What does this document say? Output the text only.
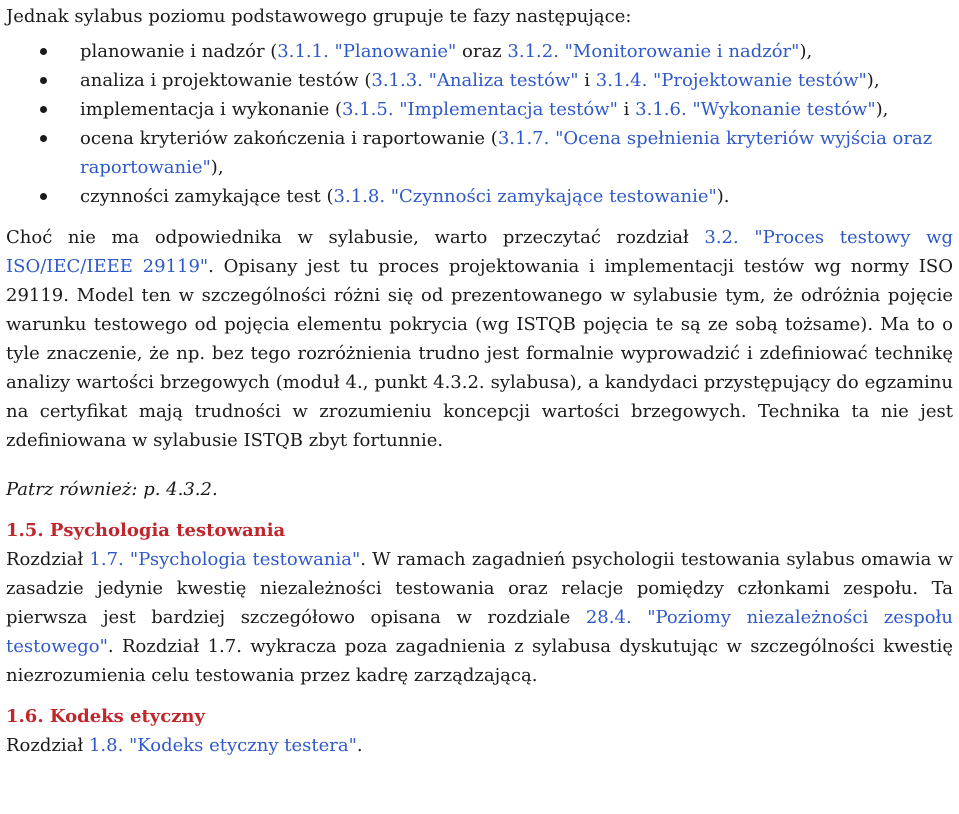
Jednak sylabus poziomu podstawowego grupuje te fazy następujące:

planowanie i nadzór (3.1.1. "Planowanie" oraz 3.1.2. "Monitorowanie i nadzór"),
analiza i projektowanie testów (3.1.3. "Analiza testów" i 3.1.4. "Projektowanie testów"),
implementacja i wykonanie (3.1.5. "Implementacja testów" i 3.1.6. "Wykonanie testów"),
ocena kryteriów zakończenia i raportowanie (3.1.7. "Ocena spełnienia kryteriów wyjścia oraz raportowanie"),
czynności zamykające test (3.1.8. "Czynności zamykające testowanie").

Choć nie ma odpowiednika w sylabusie, warto przeczytać rozdział 3.2. "Proces testowy wg ISO/IEC/IEEE 29119". Opisany jest tu proces projektowania i implementacji testów wg normy ISO 29119. Model ten w szczególności różni się od prezentowanego w sylabusie tym, że odróżnia pojęcie warunku testowego od pojęcia elementu pokrycia (wg ISTQB pojęcia te są ze sobą tożsame). Ma to o tyle znaczenie, że np. bez tego rozróżnienia trudno jest formalnie wyprowadzić i zdefiniować technikę analizy wartości brzegowych (moduł 4., punkt 4.3.2. sylabusa), a kandydaci przystępujący do egzaminu na certyfikat mają trudności w zrozumieniu koncepcji wartości brzegowych. Technika ta nie jest zdefiniowana w sylabusie ISTQB zbyt fortunnie.

Patrz również: p. 4.3.2.

1.5. Psychologia testowania

Rozdział 1.7. "Psychologia testowania". W ramach zagadnień psychologii testowania sylabus omawia w zasadzie jedynie kwestię niezależności testowania oraz relacje pomiędzy członkami zespołu. Ta pierwsza jest bardziej szczegółowo opisana w rozdziale 28.4. "Poziomy niezależności zespołu testowego". Rozdział 1.7. wykracza poza zagadnienia z sylabusa dyskutując w szczególności kwestię niezrozumienia celu testowania przez kadrę zarządzającą.

1.6. Kodeks etyczny

Rozdział 1.8. "Kodeks etyczny testera".
